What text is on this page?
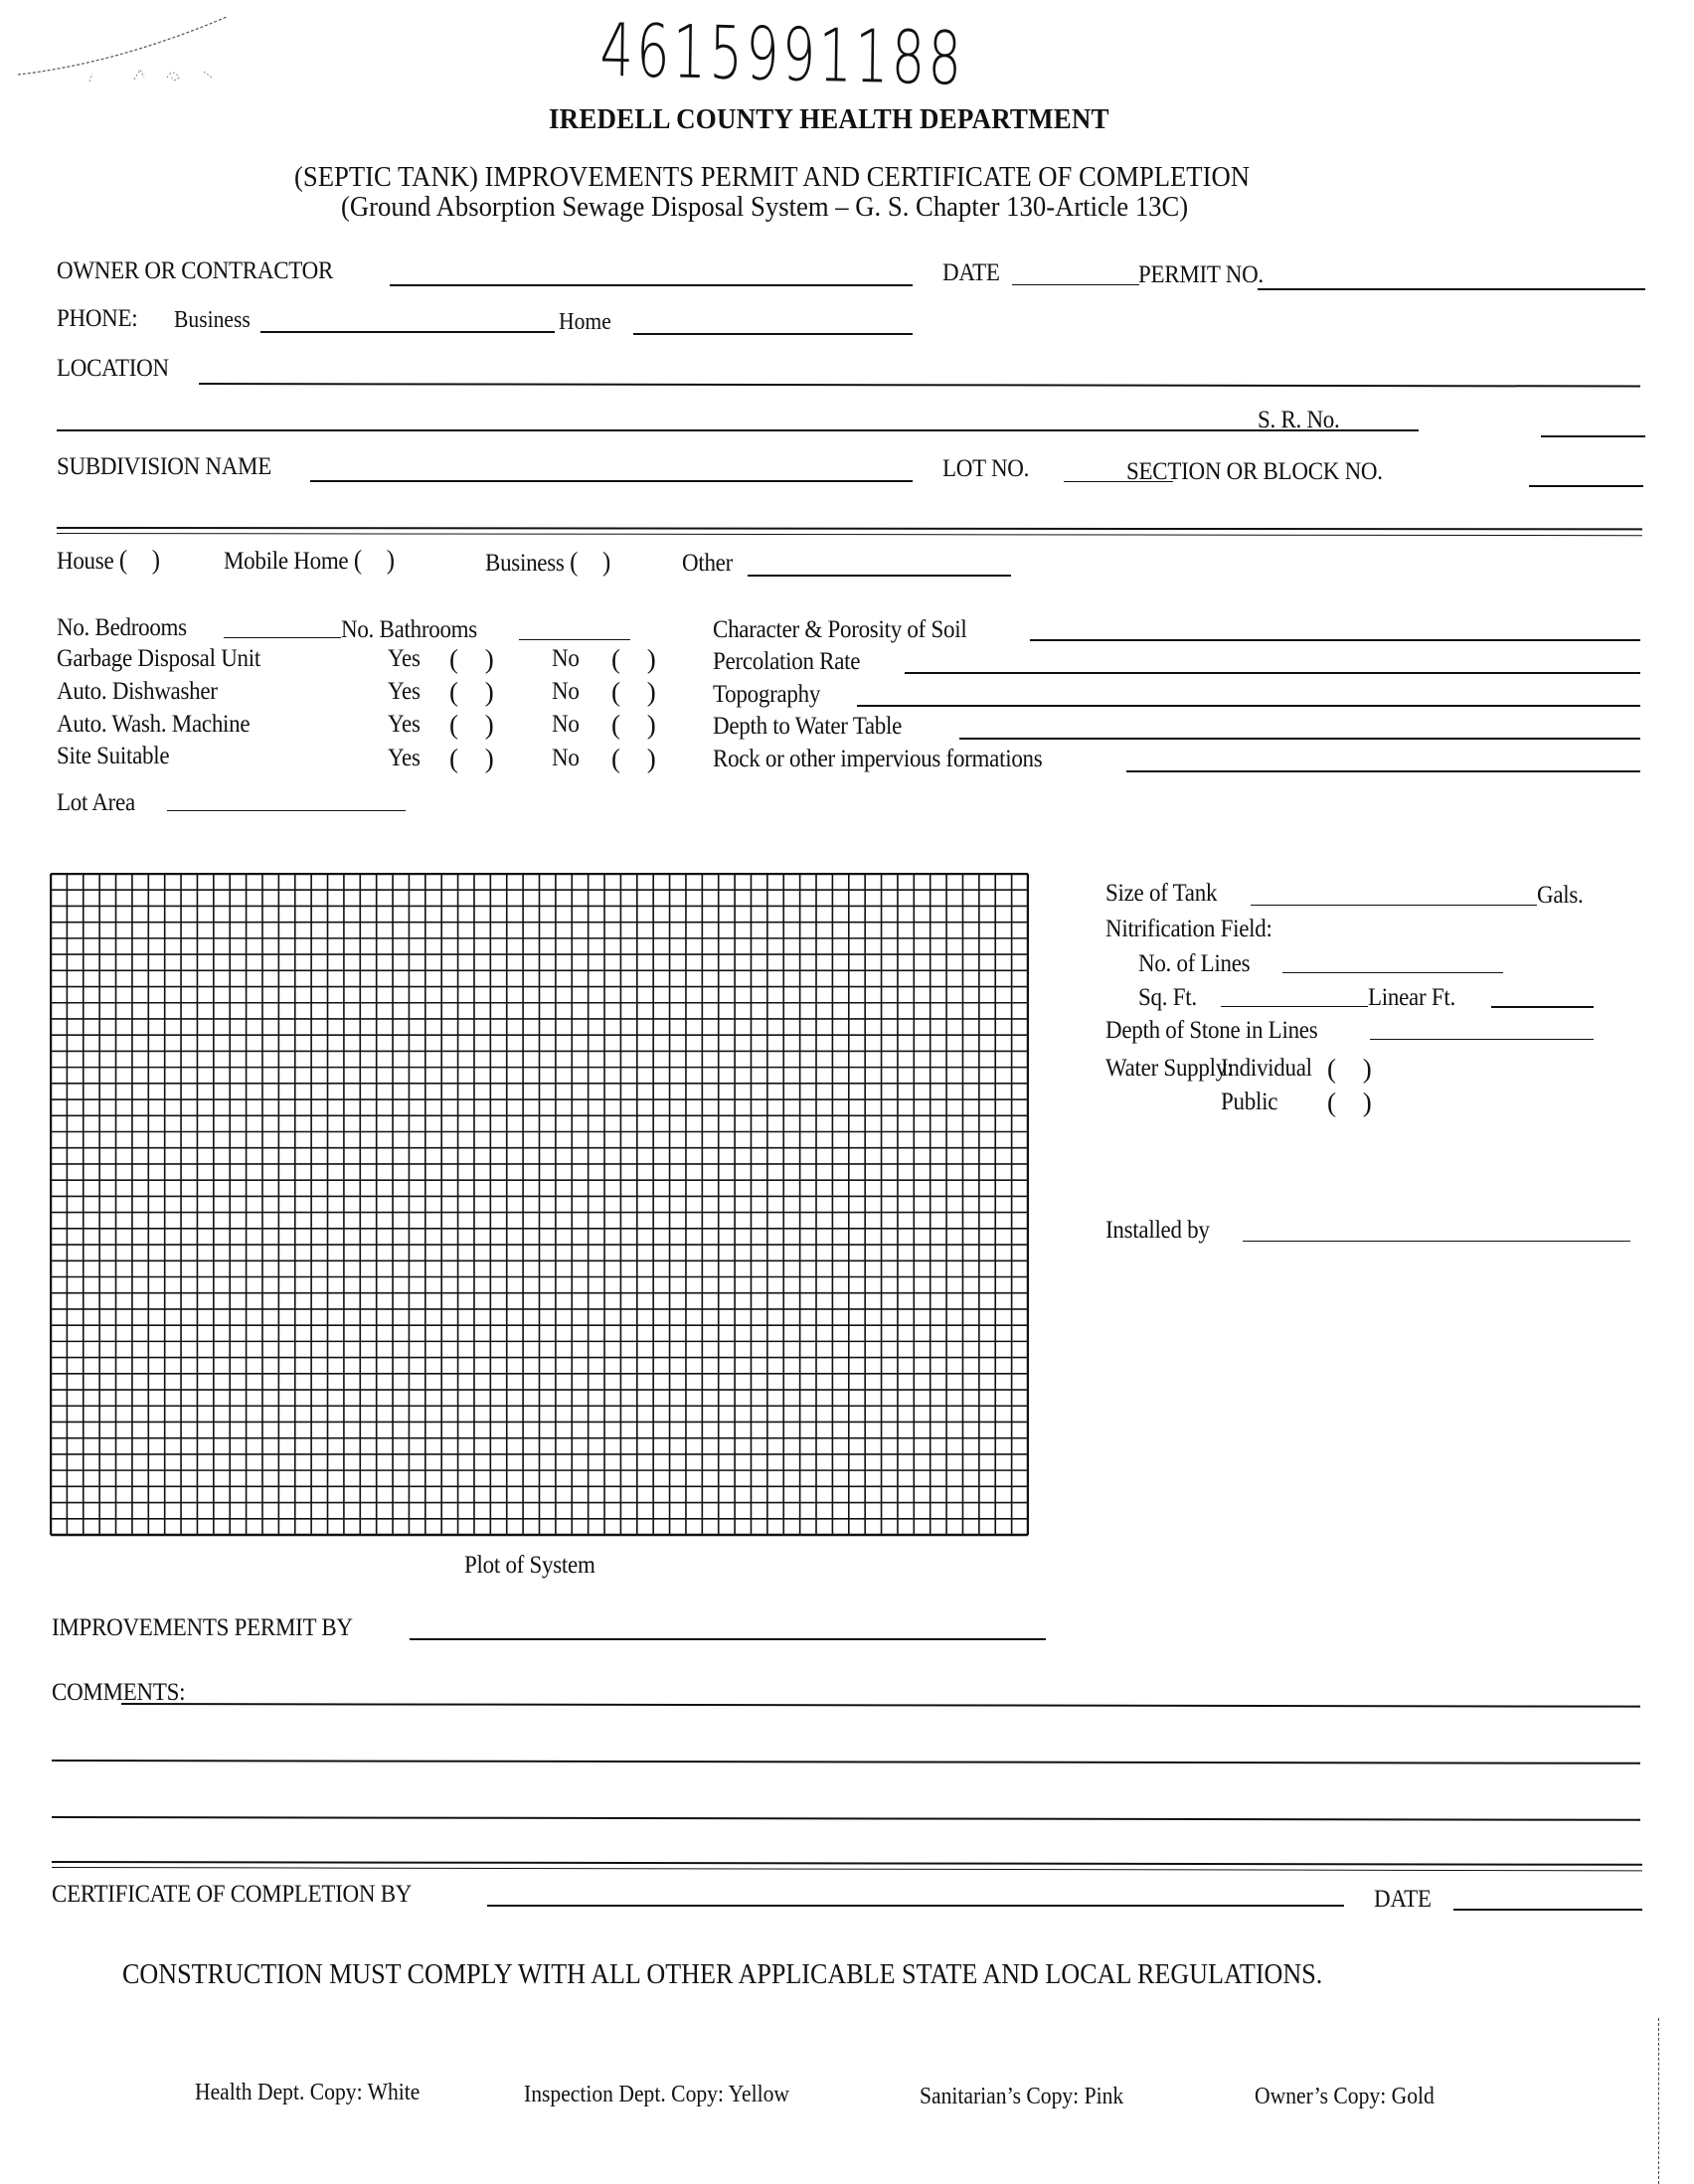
4615991188
IREDELL COUNTY HEALTH DEPARTMENT
(SEPTIC TANK) IMPROVEMENTS PERMIT AND CERTIFICATE OF COMPLETION
(Ground Absorption Sewage Disposal System – G. S. Chapter 130-Article 13C)
OWNER OR CONTRACTOR	DATE	PERMIT NO.
PHONE: Business	Home
LOCATION
S. R. No.
SUBDIVISION NAME	LOT NO.	SECTION OR BLOCK NO.
House ( ) Mobile Home ( )	Business ( )	Other
No. Bedrooms	No. Bathrooms
Garbage Disposal Unit	Yes ( ) No ( )
Auto. Dishwasher	Yes ( ) No ( )
Auto. Wash. Machine	Yes ( ) No ( )
Site Suitable	Yes ( ) No ( )
Lot Area
Character & Porosity of Soil
Percolation Rate
Topography
Depth to Water Table
Rock or other impervious formations
Plot of System
Size of Tank	Gals.
Nitrification Field:
No. of Lines
Sq. Ft.	Linear Ft.
Depth of Stone in Lines
Water Supply:
Individual ( )
Public ( )
Installed by
IMPROVEMENTS PERMIT BY
COMMENTS:
CERTIFICATE OF COMPLETION BY	DATE
CONSTRUCTION MUST COMPLY WITH ALL OTHER APPLICABLE STATE AND LOCAL REGULATIONS.
Health Dept. Copy: White	Inspection Dept. Copy: Yellow	Sanitarian’s Copy: Pink	Owner’s Copy: Gold
